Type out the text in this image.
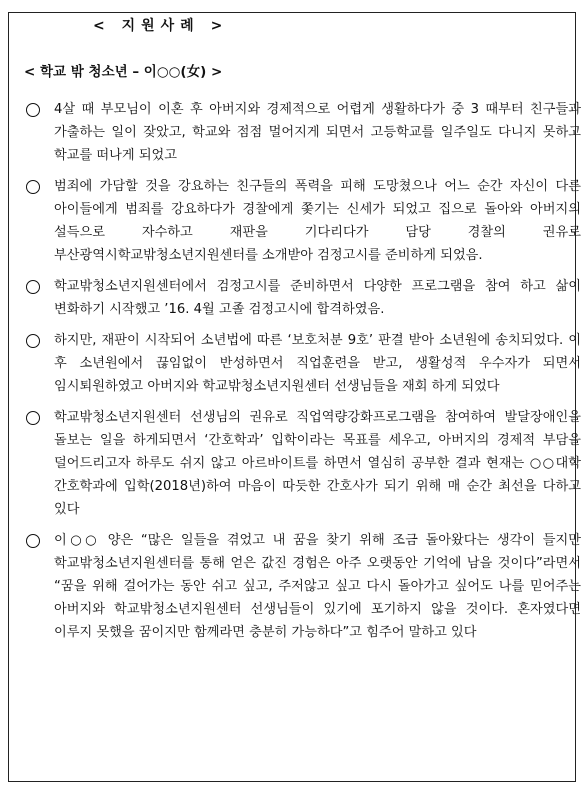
< 지원사례 >
< 학교 밖 청소년 – 이○○(女) >
4살 때 부모님이 이혼 후 아버지와 경제적으로 어렵게 생활하다가 중 3 때부터 친구들과 가출하는 일이 잦았고, 학교와 점점 멀어지게 되면서 고등학교를 일주일도 다니지 못하고 학교를 떠나게 되었고
범죄에 가담할 것을 강요하는 친구들의 폭력을 피해 도망쳤으나 어느 순간 자신이 다른 아이들에게 범죄를 강요하다가 경찰에게 쫓기는 신세가 되었고 집으로 돌아와 아버지의 설득으로 자수하고 재판을 기다리다가 담당 경찰의 권유로 부산광역시학교밖청소년지원센터를 소개받아 검정고시를 준비하게 되었음.
학교밖청소년지원센터에서 검정고시를 준비하면서 다양한 프로그램을 참여 하고 삶이 변화하기 시작했고 ’16. 4월 고졸 검정고시에 합격하였음.
하지만, 재판이 시작되어 소년법에 따른 ‘보호처분 9호’ 판결 받아 소년원에 송치되었다. 이 후 소년원에서 끊임없이 반성하면서 직업훈련을 받고, 생활성적 우수자가 되면서 임시퇴원하였고 아버지와 학교밖청소년지원센터 선생님들을 재회 하게 되었다
학교밖청소년지원센터 선생님의 권유로 직업역량강화프로그램을 참여하여 발달장애인을 돌보는 일을 하게되면서 ‘간호학과’ 입학이라는 목표를 세우고, 아버지의 경제적 부담을 덜어드리고자 하루도 쉬지 않고 아르바이트를 하면서 열심히 공부한 결과 현재는 ○○대학 간호학과에 입학(2018년)하여 마음이 따듯한 간호사가 되기 위해 매 순간 최선을 다하고 있다
이○○ 양은 “많은 일들을 겪었고 내 꿈을 찾기 위해 조금 돌아왔다는 생각이 들지만 학교밖청소년지원센터를 통해 얻은 값진 경험은 아주 오랫동안 기억에 남을 것이다”라면서 “꿈을 위해 걸어가는 동안 쉬고 싶고, 주저않고 싶고 다시 돌아가고 싶어도 나를 믿어주는 아버지와 학교밖청소년지원센터 선생님들이 있기에 포기하지 않을 것이다. 혼자였다면 이루지 못했을 꿈이지만 함께라면 충분히 가능하다”고 힘주어 말하고 있다
